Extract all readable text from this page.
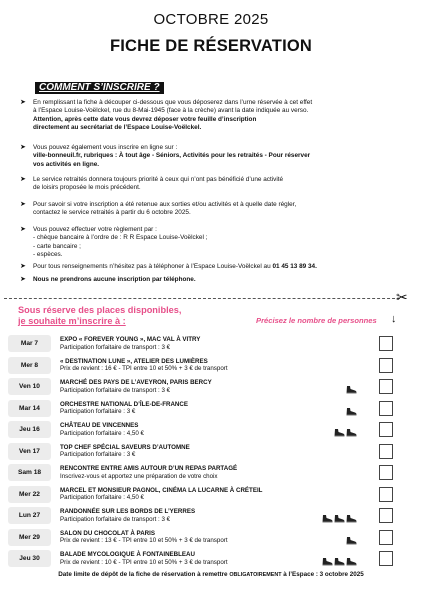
OCTOBRE 2025
FICHE DE RÉSERVATION
COMMENT S’INSCRIRE ?
➤ En remplissant la fiche à découper ci-dessous que vous déposerez dans l’urne réservée à cet effet
à l’Espace Louise-Voëlckel, rue du 8-Mai-1945 (face à la crèche) avant la date indiquée au verso.
Attention, après cette date vous devrez déposer votre feuille d’inscription
directement au secrétariat de l’Espace Louise-Voëlckel.

➤ Vous pouvez également vous inscrire en ligne sur :
ville-bonneuil.fr, rubriques : À tout âge - Séniors, Activités pour les retraités - Pour réserver
vos activités en ligne.

➤ Le service retraités donnera toujours priorité à ceux qui n’ont pas bénéficié d’une activité
de loisirs proposée le mois précédent.

➤ Pour savoir si votre inscription a été retenue aux sorties et/ou activités et à quelle date régler,
contactez le service retraités à partir du 6 octobre 2025.

➤ Vous pouvez effectuer votre règlement par :
- chèque bancaire à l’ordre de : R R Espace Louise-Voëlckel ;
- carte bancaire ;
- espèces.

➤ Pour tous renseignements n’hésitez pas à téléphoner à l’Espace Louise-Voëlckel au 01 45 13 89 34.

➤ Nous ne prendrons aucune inscription par téléphone.

✂
Sous réserve des places disponibles,
je souhaite m’inscrire à :	Précisez le nombre de personnes ↓
Mar 7
EXPO « FOREVER YOUNG », MAC VAL À VITRY
Participation forfaitaire de transport : 3 €
Mer 8
« DESTINATION LUNE », ATELIER DES LUMIÈRES
Prix de revient : 16 € - TPI entre 10 et 50% + 3 € de transport
Ven 10
MARCHÉ DES PAYS DE L’AVEYRON, PARIS BERCY
Participation forfaitaire de transport : 3 €
Mar 14
ORCHESTRE NATIONAL D’ÎLE-DE-FRANCE
Participation forfaitaire : 3 €
Jeu 16
CHÂTEAU DE VINCENNES
Participation forfaitaire : 4,50 €
Ven 17
TOP CHEF SPÉCIAL SAVEURS D’AUTOMNE
Participation forfaitaire : 3 €
Sam 18
RENCONTRE ENTRE AMIS AUTOUR D’UN REPAS PARTAGÉ
Inscrivez-vous et apportez une préparation de votre choix
Mer 22
MARCEL ET MONSIEUR PAGNOL, CINÉMA LA LUCARNE À CRÉTEIL
Participation forfaitaire : 4,50 €
Lun 27
RANDONNÉE SUR LES BORDS DE L’YERRES
Participation forfaitaire de transport : 3 €
Mer 29
SALON DU CHOCOLAT À PARIS
Prix de revient : 13 € - TPI entre 10 et 50% + 3 € de transport
Jeu 30
BALADE MYCOLOGIQUE À FONTAINEBLEAU
Prix de revient : 10 € - TPI entre 10 et 50% + 3 € de transport
Date limite de dépôt de la fiche de réservation à remettre OBLIGATOIREMENT à l’Espace : 3 octobre 2025
